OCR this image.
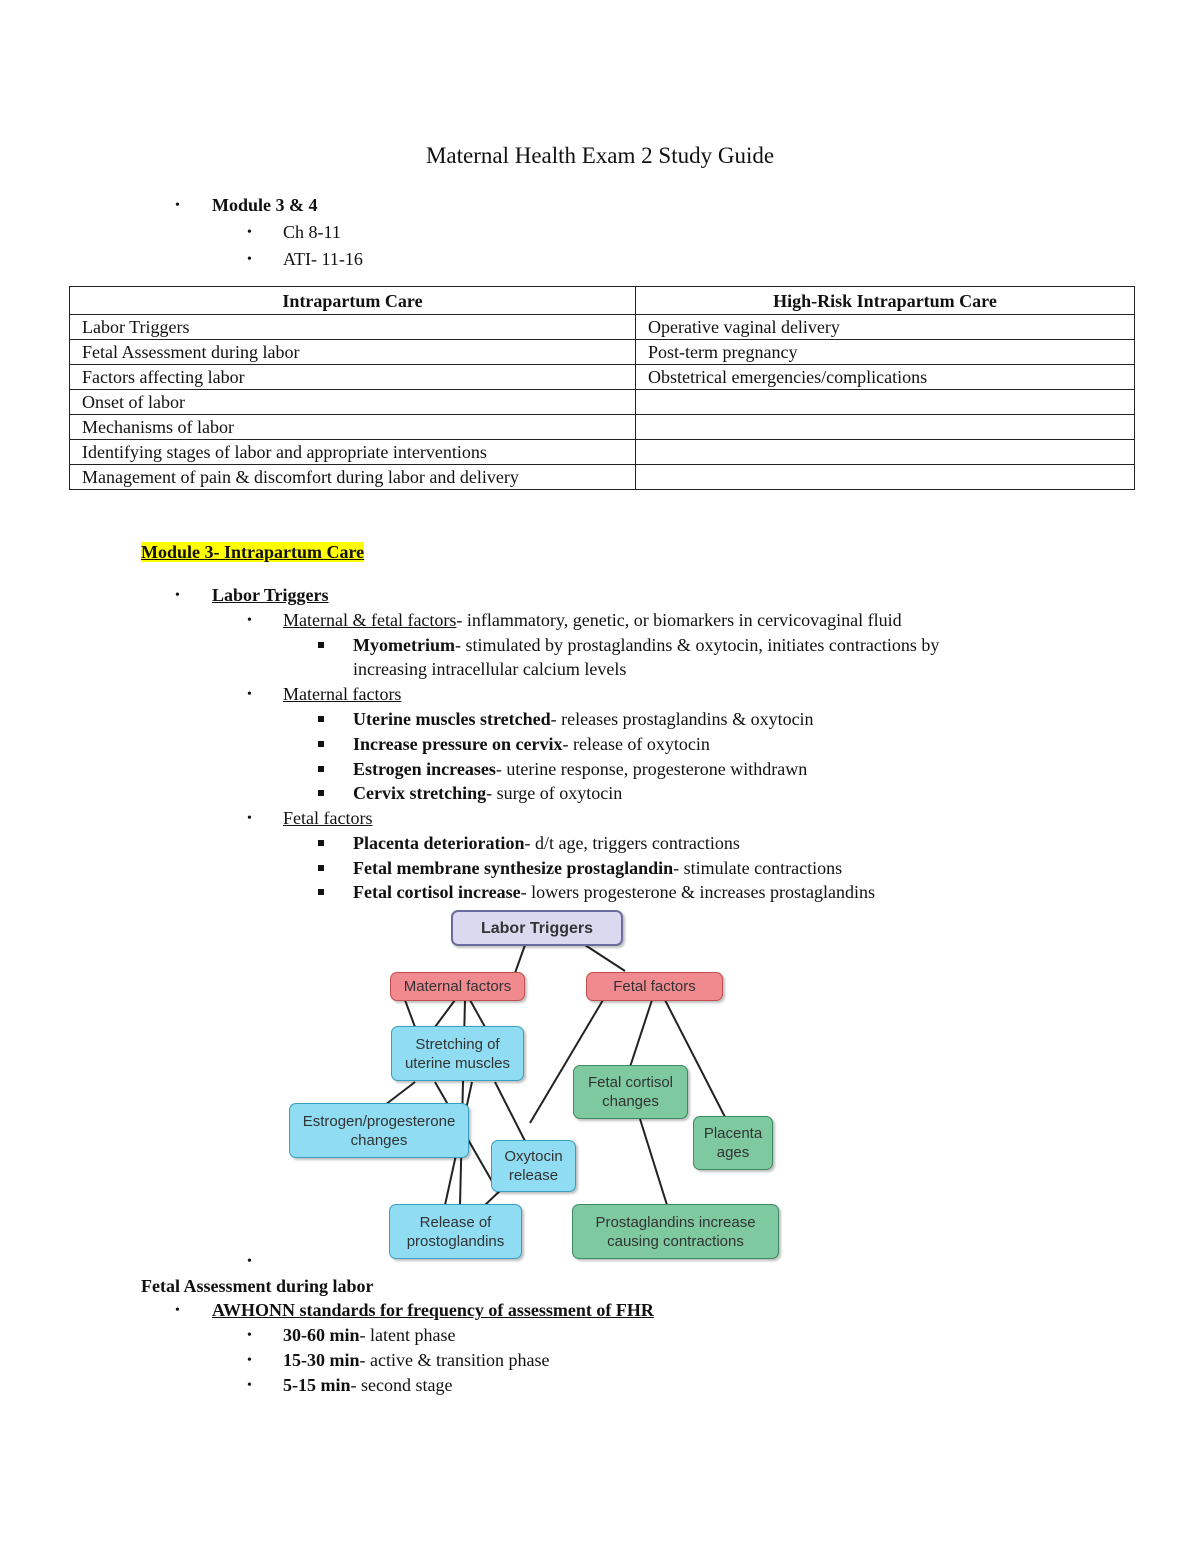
Maternal Health Exam 2 Study Guide
• Module 3 & 4
• Ch 8-11
• ATI- 11-16
Intrapartum Care	High-Risk Intrapartum Care
Labor Triggers	Operative vaginal delivery
Fetal Assessment during labor	Post-term pregnancy
Factors affecting labor	Obstetrical emergencies/complications
Onset of labor	
Mechanisms of labor	
Identifying stages of labor and appropriate interventions	
Management of pain & discomfort during labor and delivery	
Module 3- Intrapartum Care
• Labor Triggers
• Maternal & fetal factors- inflammatory, genetic, or biomarkers in cervicovaginal fluid
Myometrium- stimulated by prostaglandins & oxytocin, initiates contractions by
increasing intracellular calcium levels
• Maternal factors
Uterine muscles stretched- releases prostaglandins & oxytocin
Increase pressure on cervix- release of oxytocin
Estrogen increases- uterine response, progesterone withdrawn
Cervix stretching- surge of oxytocin
• Fetal factors
Placenta deterioration- d/t age, triggers contractions
Fetal membrane synthesize prostaglandin- stimulate contractions
Fetal cortisol increase- lowers progesterone & increases prostaglandins
Labor Triggers
Maternal factors	Fetal factors
Stretching of uterine muscles
Estrogen/progesterone changes
Oxytocin release
Release of prostoglandins
Fetal cortisol changes
Placenta ages
Prostaglandins increase causing contractions
•
Fetal Assessment during labor
• AWHONN standards for frequency of assessment of FHR
• 30-60 min- latent phase
• 15-30 min- active & transition phase
• 5-15 min- second stage
